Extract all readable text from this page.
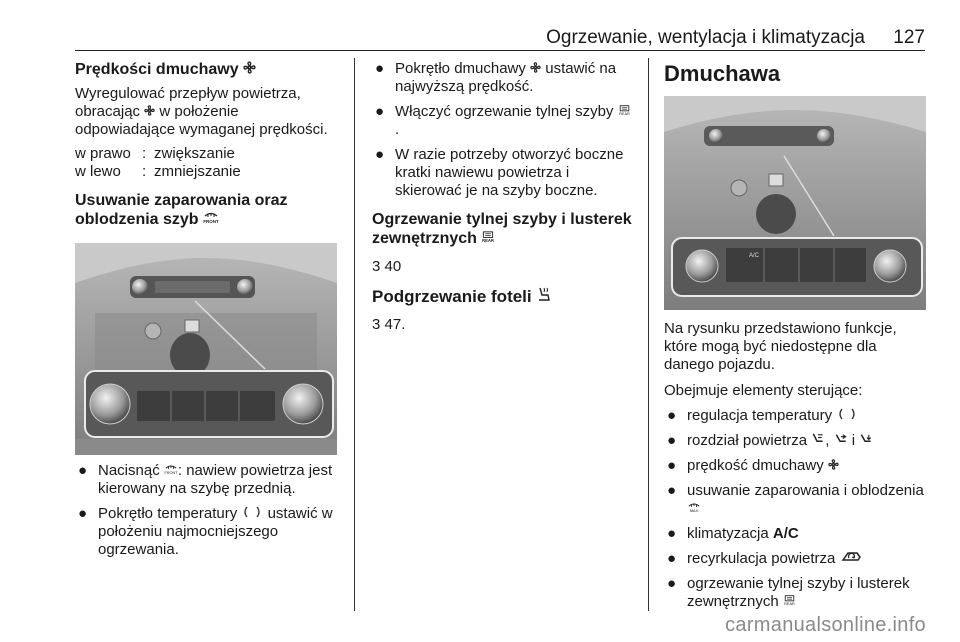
Ogrzewanie, wentylacja i klimatyzacja 127
Prędkości dmuchawy

Wyregulować przepływ powietrza, obracając w położenie odpowiadające wymaganej prędkości.

w prawo : zwiększanie
w lewo	: zmniejszanie
Usuwanie zaparowania oraz oblodzenia szyb FRONT
● Nacisnąć FRONT : nawiew powietrza jest kierowany na szybę przednią.
● Pokrętło temperatury ustawić w położeniu najmocniejszego ogrzewania.
● Pokrętło dmuchawy ustawić na najwyższą prędkość.
● Włączyć ogrzewanie tylnej szyby REAR
.
● W razie potrzeby otworzyć boczne kratki nawiewu powietrza i skierować je na szyby boczne.
Ogrzewanie tylnej szyby i lusterek zewnętrznych REAR

3 40

Podgrzewanie foteli

3 47.

Dmuchawa
A/C

Na rysunku przedstawiono funkcje, które mogą być niedostępne dla danego pojazdu.

Obejmuje elementy sterujące:

● regulacja temperatury
● rozdział powietrza ,  i
● prędkość dmuchawy
● usuwanie zaparowania i oblodzenia
MAX
● klimatyzacja A/C
● recyrkulacja powietrza
● ogrzewanie tylnej szyby i lusterek zewnętrznych REAR
carmanualsonline.info
